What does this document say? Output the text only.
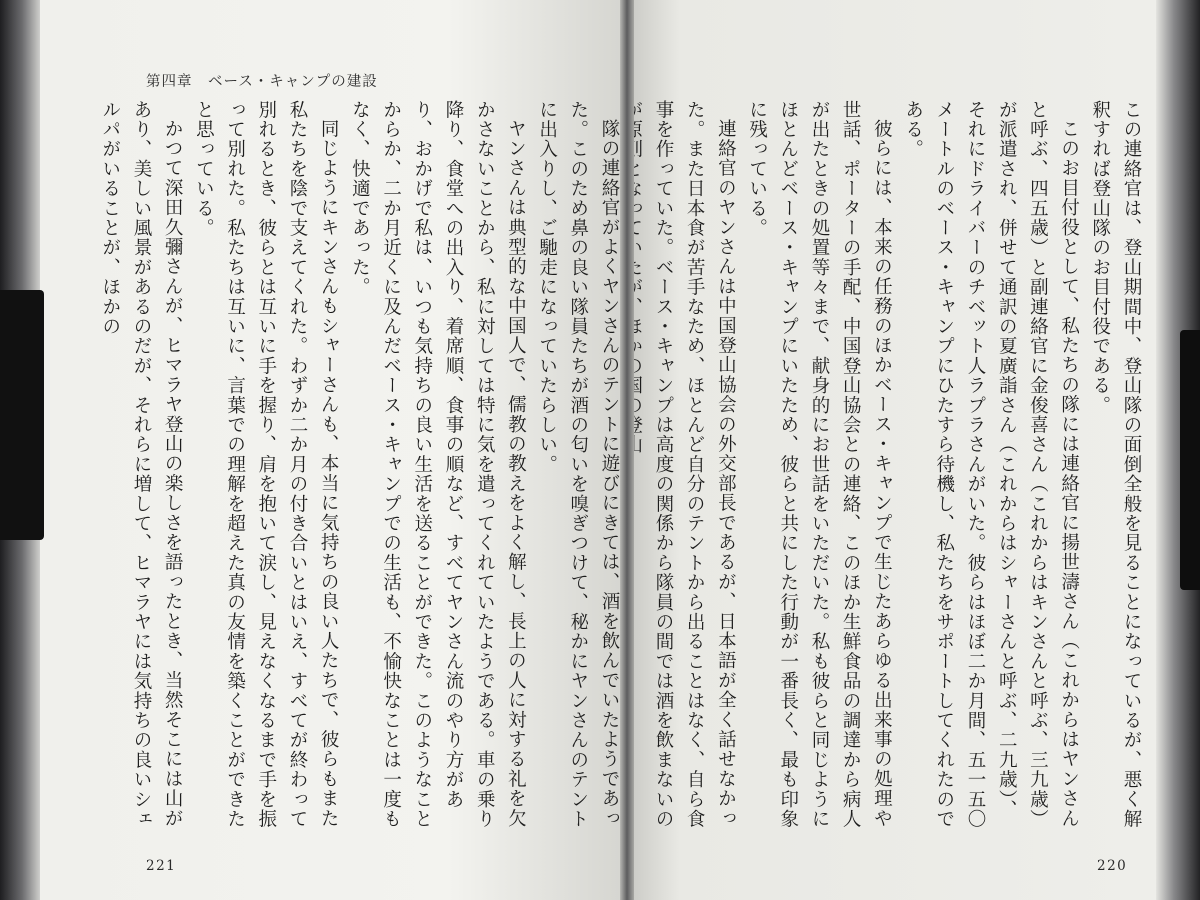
第四章　ベース・キャンプの建設

隊の連絡官がよくヤンさんのテントに遊びにきては、酒を飲んでいたようであった。このため鼻の良い隊員たちが酒の匂いを嗅ぎつけて、秘かにヤンさんのテントに出入りし、ご馳走になっていたらしい。

ヤンさんは典型的な中国人で、儒教の教えをよく解し、長上の人に対する礼を欠かさないことから、私に対しては特に気を遣ってくれていたようである。車の乗り降り、食堂への出入り、着席順、食事の順など、すべてヤンさん流のやり方があり、おかげで私は、いつも気持ちの良い生活を送ることができた。このようなことからか、二か月近くに及んだベース・キャンプでの生活も、不愉快なことは一度もなく、快適であった。

同じようにキンさんもシャーさんも、本当に気持ちの良い人たちで、彼らもまた私たちを陰で支えてくれた。わずか二か月の付き合いとはいえ、すべてが終わって別れるとき、彼らとは互いに手を握り、肩を抱いて涙し、見えなくなるまで手を振って別れた。私たちは互いに、言葉での理解を超えた真の友情を築くことができたと思っている。

かつて深田久彌さんが、ヒマラヤ登山の楽しさを語ったとき、当然そこには山があり、美しい風景があるのだが、それらに増して、ヒマラヤには気持ちの良いシェルパがいることが、ほかの

221

この連絡官は、登山期間中、登山隊の面倒全般を見ることになっているが、悪く解釈すれば登山隊のお目付役である。

このお目付役として、私たちの隊には連絡官に揚世濤さん（これからはヤンさんと呼ぶ、四五歳）と副連絡官に金俊喜さん（これからはキンさんと呼ぶ、三九歳）が派遣され、併せて通訳の夏廣詣さん（これからはシャーさんと呼ぶ、二九歳）、それにドライバーのチベット人ラプラさんがいた。彼らはほぼ二か月間、五一五〇メートルのベース・キャンプにひたすら待機し、私たちをサポートしてくれたのである。

彼らには、本来の任務のほかベース・キャンプで生じたあらゆる出来事の処理や世話、ポーターの手配、中国登山協会との連絡、このほか生鮮食品の調達から病人が出たときの処置等々まで、献身的にお世話をいただいた。私も彼らと同じようにほとんどベース・キャンプにいたため、彼らと共にした行動が一番長く、最も印象に残っている。

連絡官のヤンさんは中国登山協会の外交部長であるが、日本語が全く話せなかった。また日本食が苦手なため、ほとんど自分のテントから出ることはなく、自ら食事を作っていた。ベース・キャンプは高度の関係から隊員の間では酒を飲まないの

220
